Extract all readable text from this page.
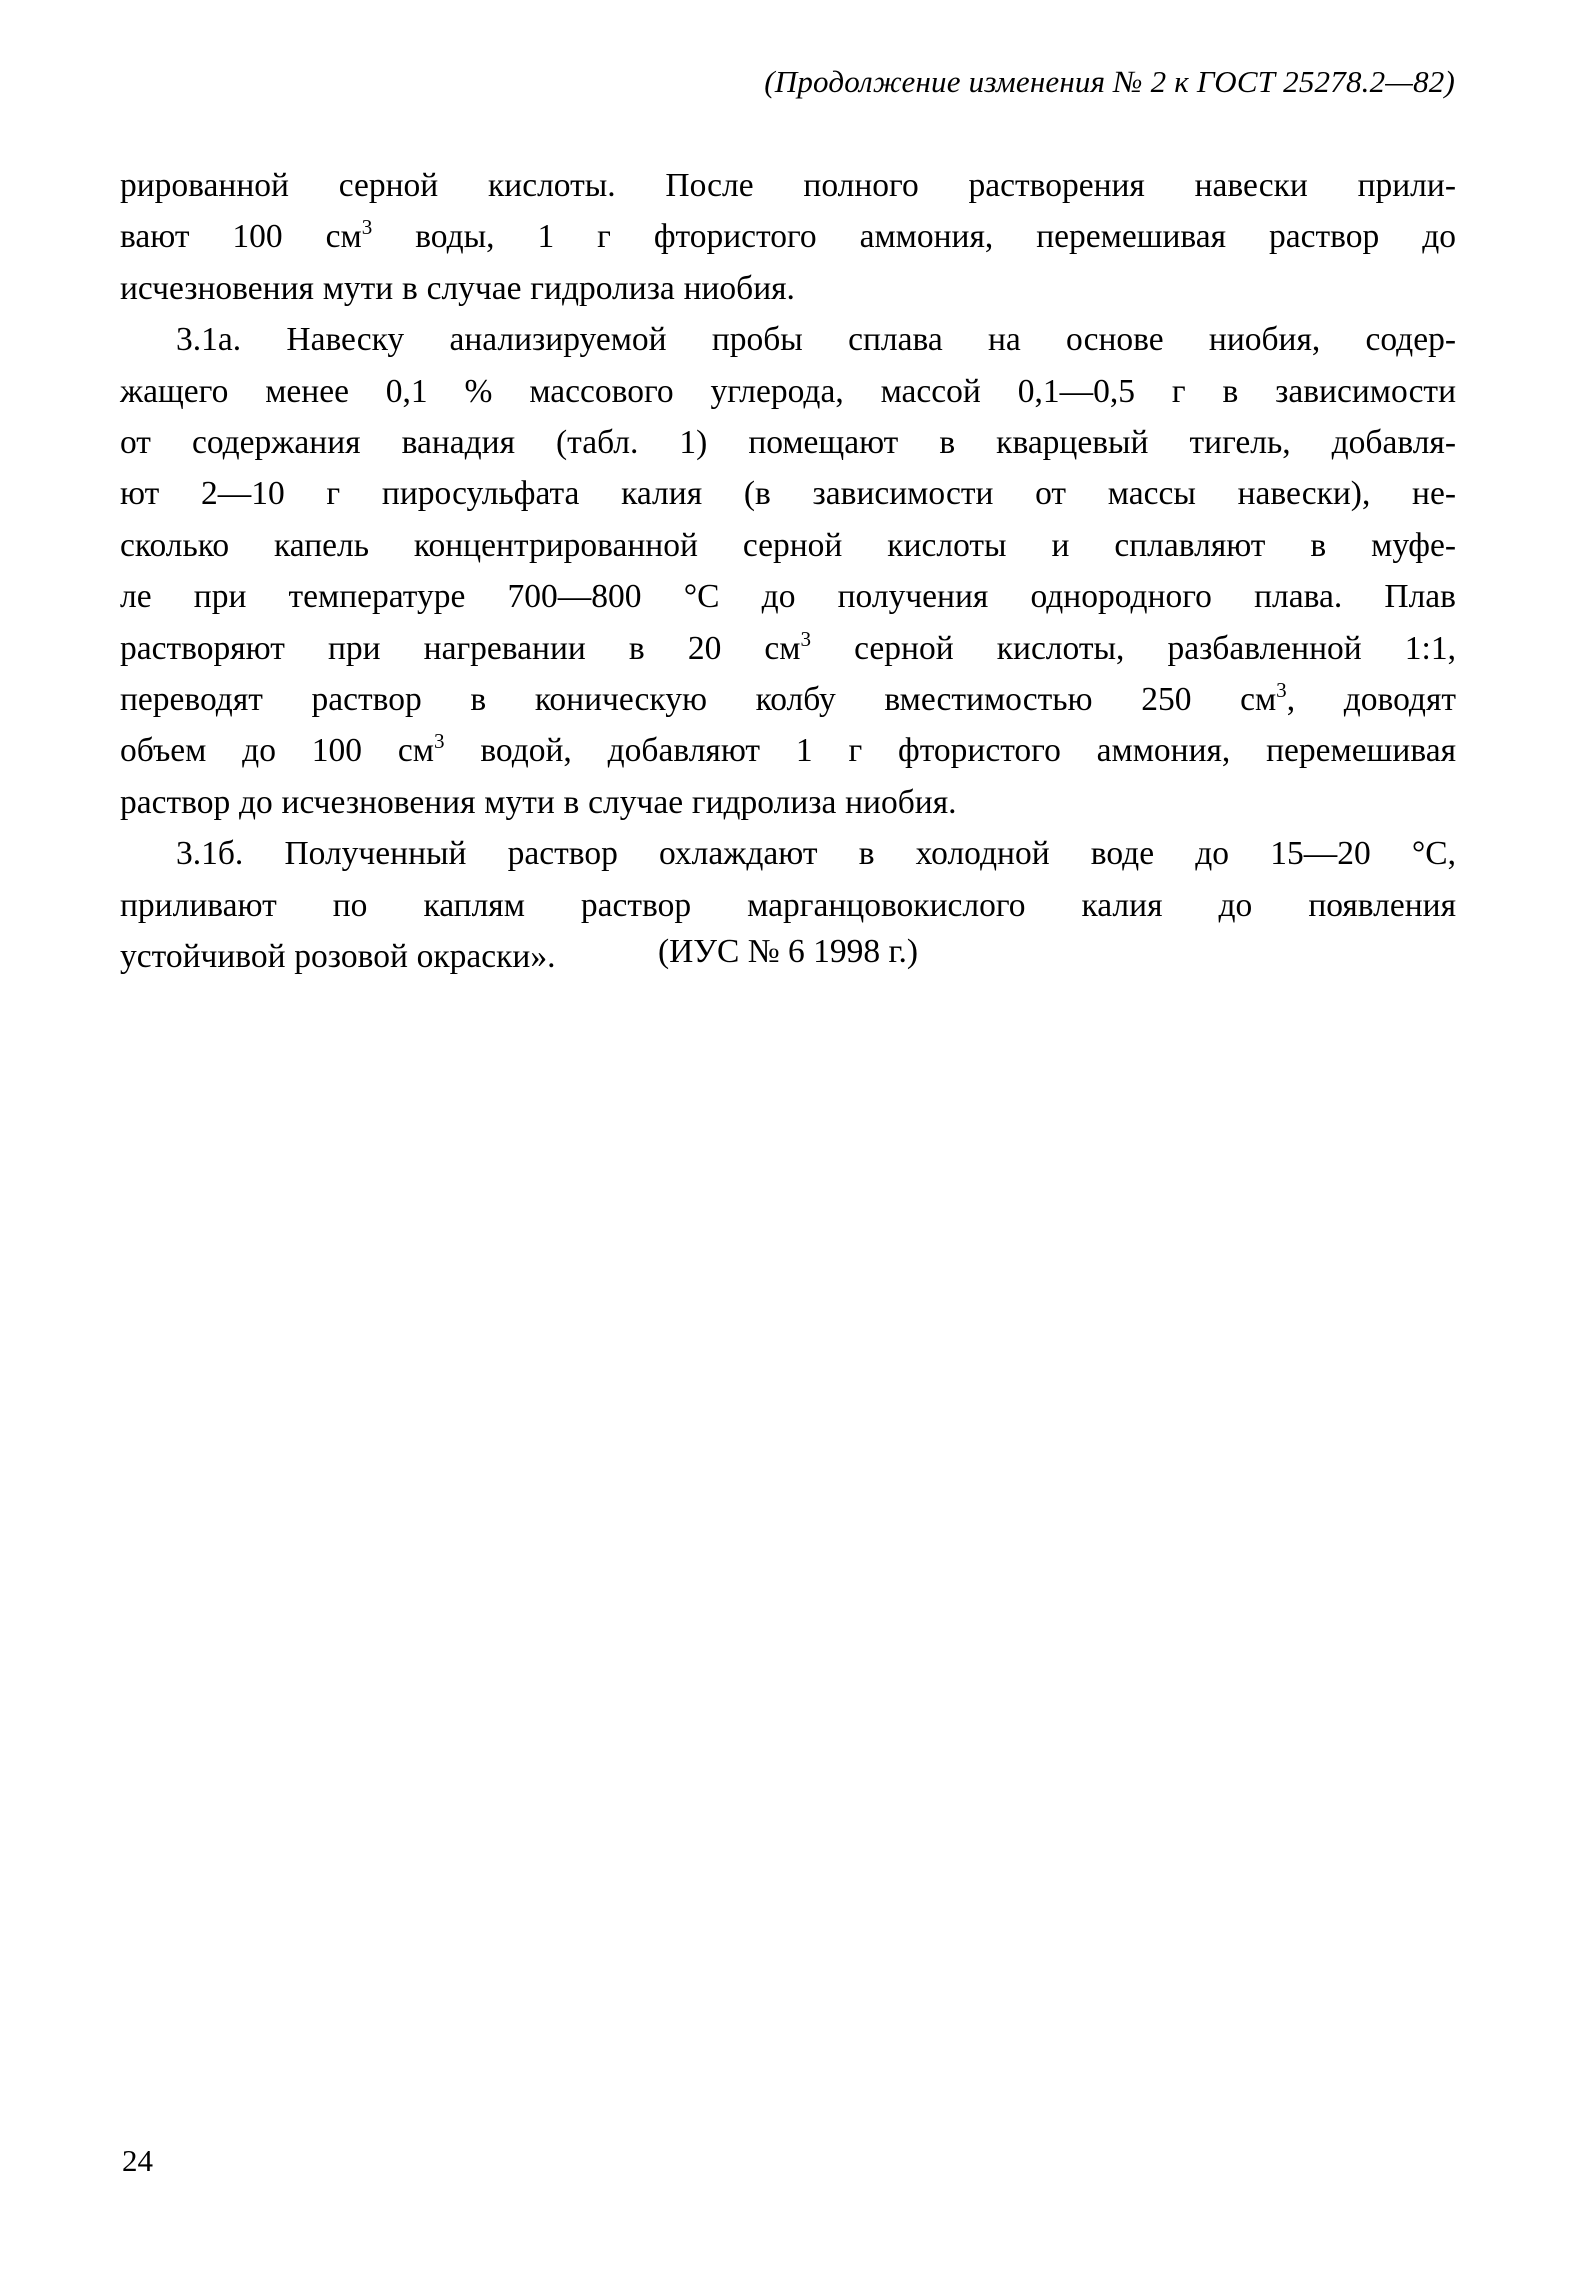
(Продолжение изменения № 2 к ГОСТ 25278.2—82)

рированной серной кислоты. После полного растворения навески прили-
вают 100 $см^3$ воды, 1 г фтористого аммония, перемешивая раствор до
исчезновения мути в случае гидролиза ниобия.

3.1а. Навеску анализируемой пробы сплава на основе ниобия, содер-
жащего менее 0,1 % массового углерода, массой 0,1—0,5 г в зависимости
от содержания ванадия (табл. 1) помещают в кварцевый тигель, добавля-
ют 2—10 г пиросульфата калия (в зависимости от массы навески), не-
сколько капель концентрированной серной кислоты и сплавляют в муфе-
ле при температуре 700—800 °С до получения однородного плава. Плав
растворяют при нагревании в 20 $см^3$ серной кислоты, разбавленной 1:1,
переводят раствор в коническую колбу вместимостью 250 $см^3$, доводят
объем до 100 $см^3$ водой, добавляют 1 г фтористого аммония, перемешивая
раствор до исчезновения мути в случае гидролиза ниобия.

3.1б. Полученный раствор охлаждают в холодной воде до 15—20 °С,
приливают по каплям раствор марганцовокислого калия до появления
устойчивой розовой окраски».	(ИУС № 6 1998 г.)
24
